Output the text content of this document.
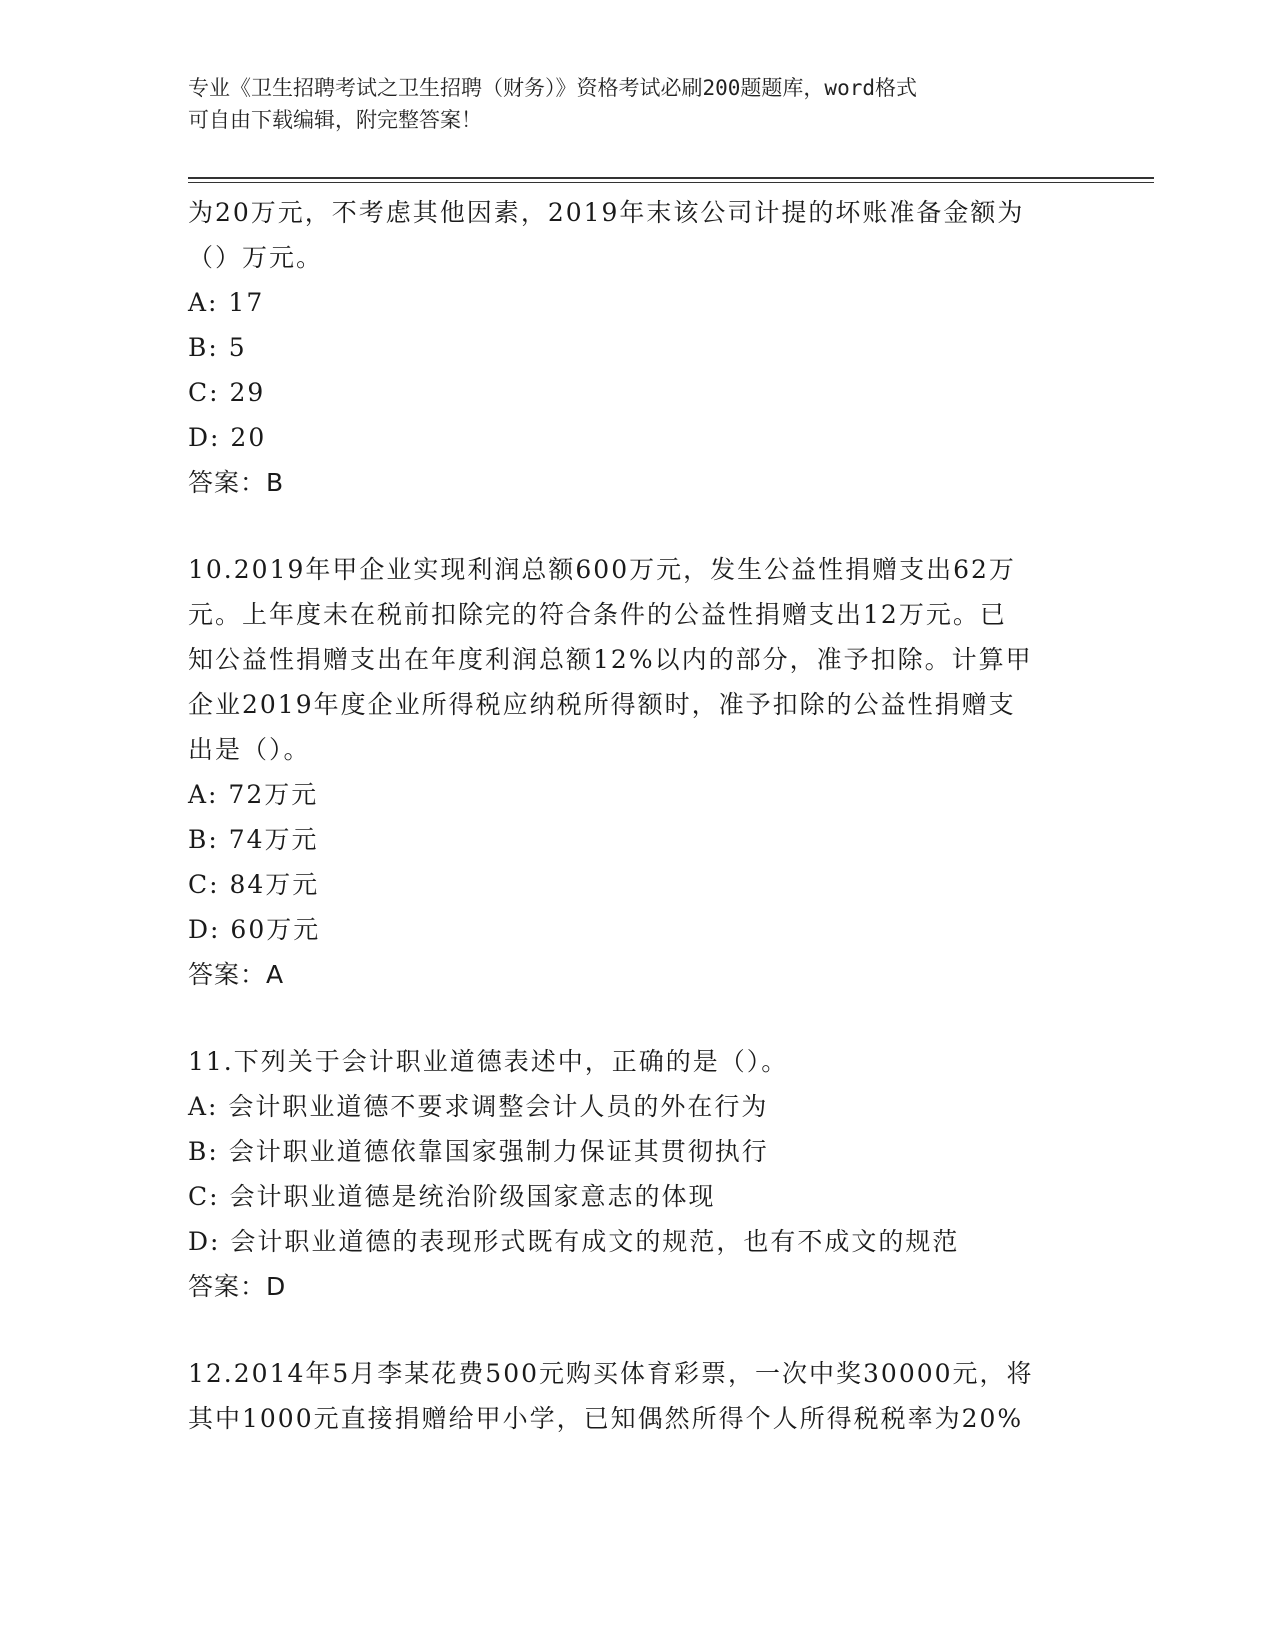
专业《卫生招聘考试之卫生招聘（财务）》资格考试必刷200题题库，word格式
可自由下载编辑，附完整答案！
为20万元，不考虑其他因素，2019年末该公司计提的坏账准备金额为
（）万元。
A: 17
B: 5
C: 29
D: 20
答案：B
10.2019年甲企业实现利润总额600万元，发生公益性捐赠支出62万
元。上年度未在税前扣除完的符合条件的公益性捐赠支出12万元。已
知公益性捐赠支出在年度利润总额12%以内的部分，准予扣除。计算甲
企业2019年度企业所得税应纳税所得额时，准予扣除的公益性捐赠支
出是（）。
A: 72万元
B: 74万元
C: 84万元
D: 60万元
答案：A
11.下列关于会计职业道德表述中，正确的是（）。
A: 会计职业道德不要求调整会计人员的外在行为
B: 会计职业道德依靠国家强制力保证其贯彻执行
C: 会计职业道德是统治阶级国家意志的体现
D: 会计职业道德的表现形式既有成文的规范，也有不成文的规范
答案：D
12.2014年5月李某花费500元购买体育彩票，一次中奖30000元，将
其中1000元直接捐赠给甲小学，已知偶然所得个人所得税税率为20%
